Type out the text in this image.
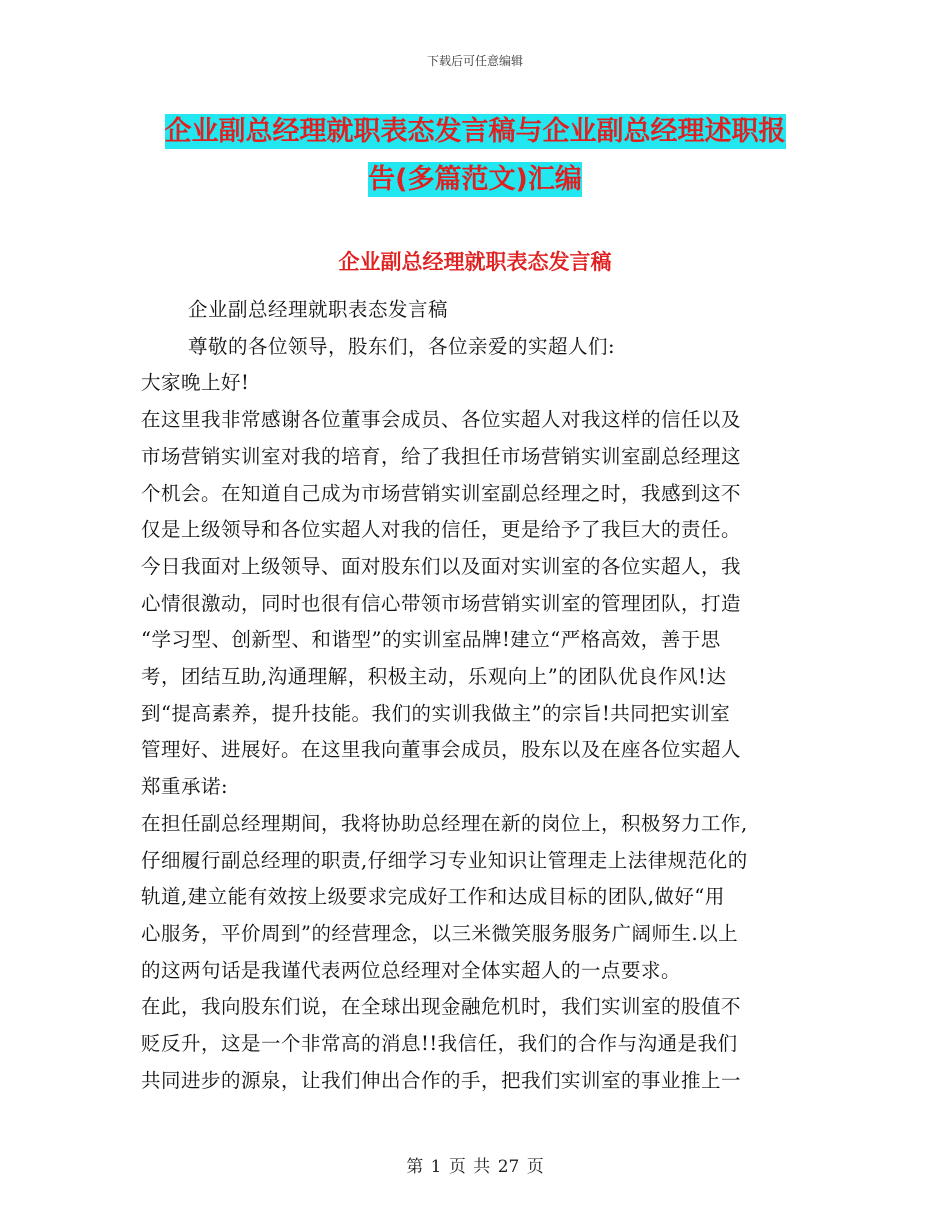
下载后可任意编辑
企业副总经理就职表态发言稿与企业副总经理述职报
告(多篇范文)汇编
企业副总经理就职表态发言稿

企业副总经理就职表态发言稿

尊敬的各位领导，股东们，各位亲爱的实超人们:

大家晚上好!

在这里我非常感谢各位董事会成员、各位实超人对我这样的信任以及

市场营销实训室对我的培育，给了我担任市场营销实训室副总经理这

个机会。在知道自己成为市场营销实训室副总经理之时，我感到这不

仅是上级领导和各位实超人对我的信任，更是给予了我巨大的责任。

今日我面对上级领导、面对股东们以及面对实训室的各位实超人，我

心情很激动，同时也很有信心带领市场营销实训室的管理团队，打造

“学习型、创新型、和谐型”的实训室品牌!建立“严格高效，善于思

考，团结互助,沟通理解，积极主动，乐观向上”的团队优良作风!达

到“提高素养，提升技能。我们的实训我做主”的宗旨!共同把实训室

管理好、进展好。在这里我向董事会成员，股东以及在座各位实超人

郑重承诺:

在担任副总经理期间，我将协助总经理在新的岗位上，积极努力工作,

仔细履行副总经理的职责,仔细学习专业知识让管理走上法律规范化的

轨道,建立能有效按上级要求完成好工作和达成目标的团队,做好“用

心服务，平价周到”的经营理念，以三米微笑服务服务广阔师生.以上

的这两句话是我谨代表两位总经理对全体实超人的一点要求。

在此，我向股东们说，在全球出现金融危机时，我们实训室的股值不

贬反升，这是一个非常高的消息!!我信任，我们的合作与沟通是我们

共同进步的源泉，让我们伸出合作的手，把我们实训室的事业推上一

第 1 页 共 27 页
